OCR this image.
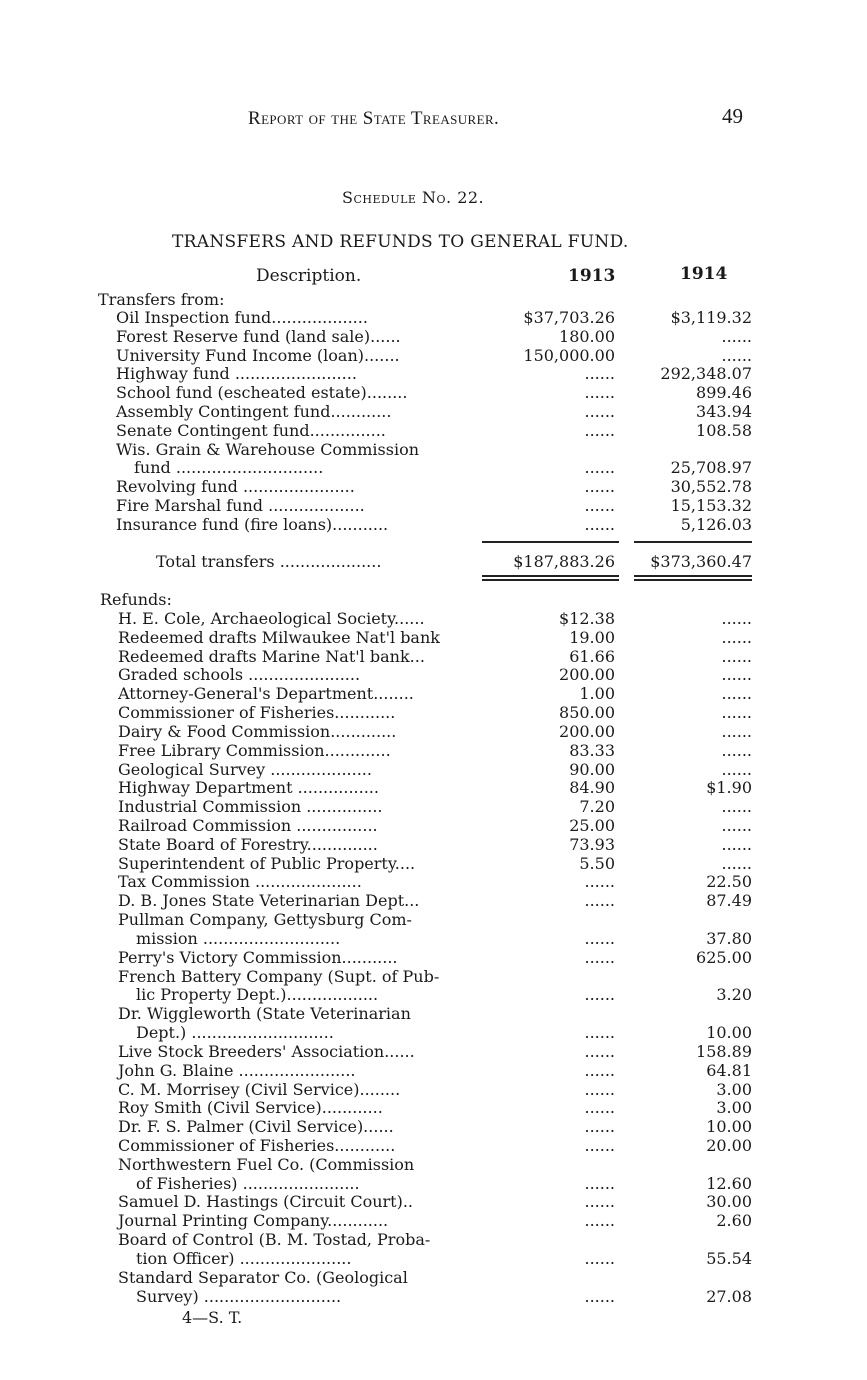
Report of the State Treasurer.	49
Schedule No. 22.
TRANSFERS AND REFUNDS TO GENERAL FUND.
Description.	1913	1914
Transfers from:
Oil Inspection fund...................	$37,703.26	$3,119.32
Forest Reserve fund (land sale)......	180.00	......
University Fund Income (loan).......	150,000.00	......
Highway fund ........................	......	292,348.07
School fund (escheated estate)........	......	899.46
Assembly Contingent fund............	......	343.94
Senate Contingent fund...............	......	108.58
Wis. Grain & Warehouse Commission
fund .............................	......	25,708.97
Revolving fund ......................	......	30,552.78
Fire Marshal fund ...................	......	15,153.32
Insurance fund (fire loans)...........	......	5,126.03
Total transfers ....................	$187,883.26 $373,360.47
Refunds:
H. E. Cole, Archaeological Society......	$12.38	......
Redeemed drafts Milwaukee Nat'l bank	19.00	......
Redeemed drafts Marine Nat'l bank...	61.66	......
Graded schools ......................	200.00	......
Attorney-General's Department........	1.00	......
Commissioner of Fisheries............	850.00	......
Dairy & Food Commission.............	200.00	......
Free Library Commission.............	83.33	......
Geological Survey ....................	90.00	......
Highway Department ................	84.90	$1.90
Industrial Commission ...............	7.20	......
Railroad Commission ................	25.00	......
State Board of Forestry..............	73.93	......
Superintendent of Public Property....	5.50	......
Tax Commission .....................	......	22.50
D. B. Jones State Veterinarian Dept...	......	87.49
Pullman Company, Gettysburg Com-
mission ...........................	......	37.80
Perry's Victory Commission...........	......	625.00
French Battery Company (Supt. of Pub-
lic Property Dept.)..................	......	3.20
Dr. Wiggleworth (State Veterinarian
Dept.) ............................	......	10.00
Live Stock Breeders' Association......	......	158.89
John G. Blaine .......................	......	64.81
C. M. Morrisey (Civil Service)........	......	3.00
Roy Smith (Civil Service)............	......	3.00
Dr. F. S. Palmer (Civil Service)......	......	10.00
Commissioner of Fisheries............	......	20.00
Northwestern Fuel Co. (Commission
of Fisheries) .......................	......	12.60
Samuel D. Hastings (Circuit Court)..	......	30.00
Journal Printing Company............	......	2.60
Board of Control (B. M. Tostad, Proba-
tion Officer) ......................	......	55.54
Standard Separator Co. (Geological
Survey) ...........................	......	27.08
4—S. T.
